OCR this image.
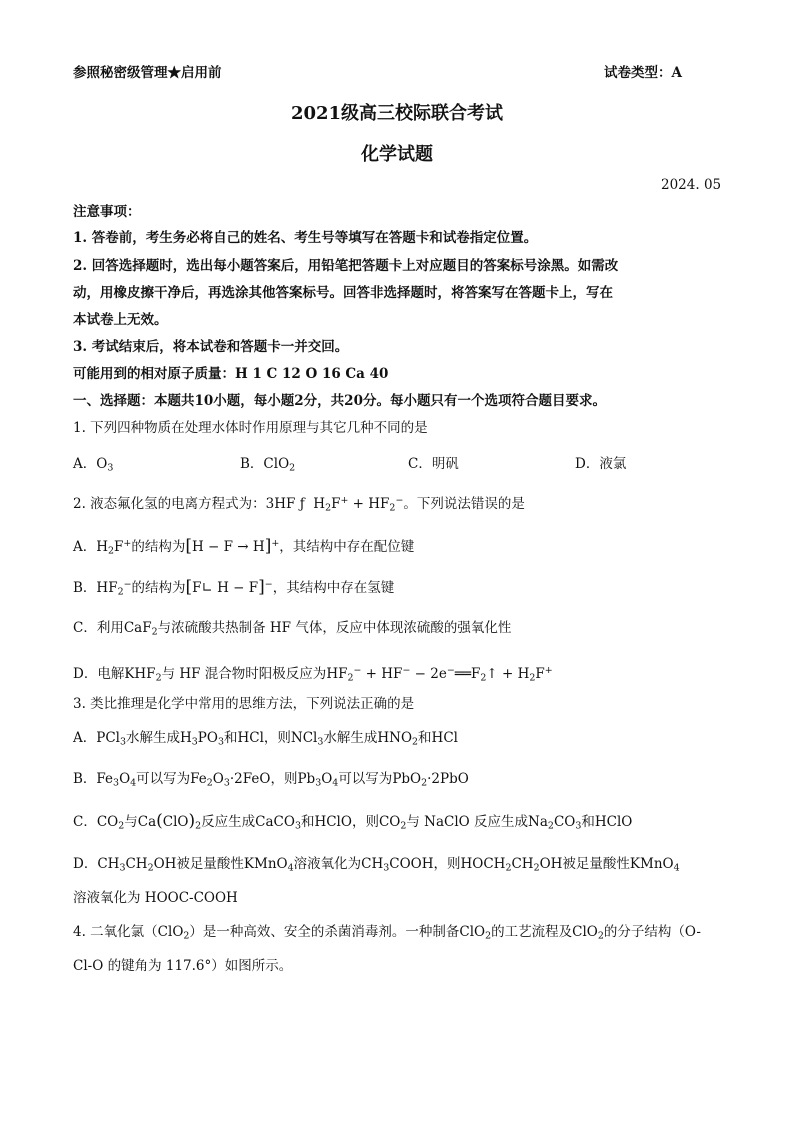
参照秘密级管理★启用前	试卷类型：A
2021级高三校际联合考试
化学试题
2024. 05
注意事项：
1. 答卷前，考生务必将自己的姓名、考生号等填写在答题卡和试卷指定位置。
2. 回答选择题时，选出每小题答案后，用铅笔把答题卡上对应题目的答案标号涂黑。如需改
动，用橡皮擦干净后，再选涂其他答案标号。回答非选择题时，将答案写在答题卡上，写在
本试卷上无效。
3. 考试结束后，将本试卷和答题卡一并交回。
可能用到的相对原子质量：H 1 C 12 O 16 Ca 40
一、选择题：本题共10小题，每小题2分，共20分。每小题只有一个选项符合题目要求。
1. 下列四种物质在处理水体时作用原理与其它几种不同的是
A．$O_3$	B．ClO$_2$	C．明矾	D．液氯
2. 液态氟化氢的电离方程式为：3HF ƒ  $H_2F^+ + HF_2^-$。下列说法错误的是
A．$H_2F^+$的结构为[H − F → H]+，其结构中存在配位键
B．$HF_2^-$的结构为[F∟ H − F]−，其结构中存在氢键
C．利用CaF$_2$与浓硫酸共热制备 HF 气体，反应中体现浓硫酸的强氧化性
D．电解$KHF_2$与 HF 混合物时阳极反应为$HF_2^- + HF^-$ − $2e^-══F_2↑ + H_2F^+$
3. 类比推理是化学中常用的思维方法，下列说法正确的是
A．PCl$_3$水解生成$H_3PO_3$和HCl，则NCl$_3$水解生成$HNO_2$和HCl
B．$Fe_3O_4$可以写为$Fe_2O_3\cdot 2FeO$，则$Pb_3O_4$可以写为PbO$_2$·2PbO
C．$CO_2$与$Ca(ClO)_2$反应生成CaCO$_3$和HClO，则$CO_2$与 NaClO 反应生成$Na_2CO_3$和HClO
D．$CH_3CH_2OH$被足量酸性KMnO$_4$溶液氧化为$CH_3COOH$，则$HOCH_2CH_2OH$被足量酸性KMnO$_4$
溶液氧化为 HOOC-COOH
4. 二氧化氯（ClO$_2$）是一种高效、安全的杀菌消毒剂。一种制备ClO$_2$的工艺流程及ClO$_2$的分子结构（O-
Cl-O 的键角为 117.6°）如图所示。
